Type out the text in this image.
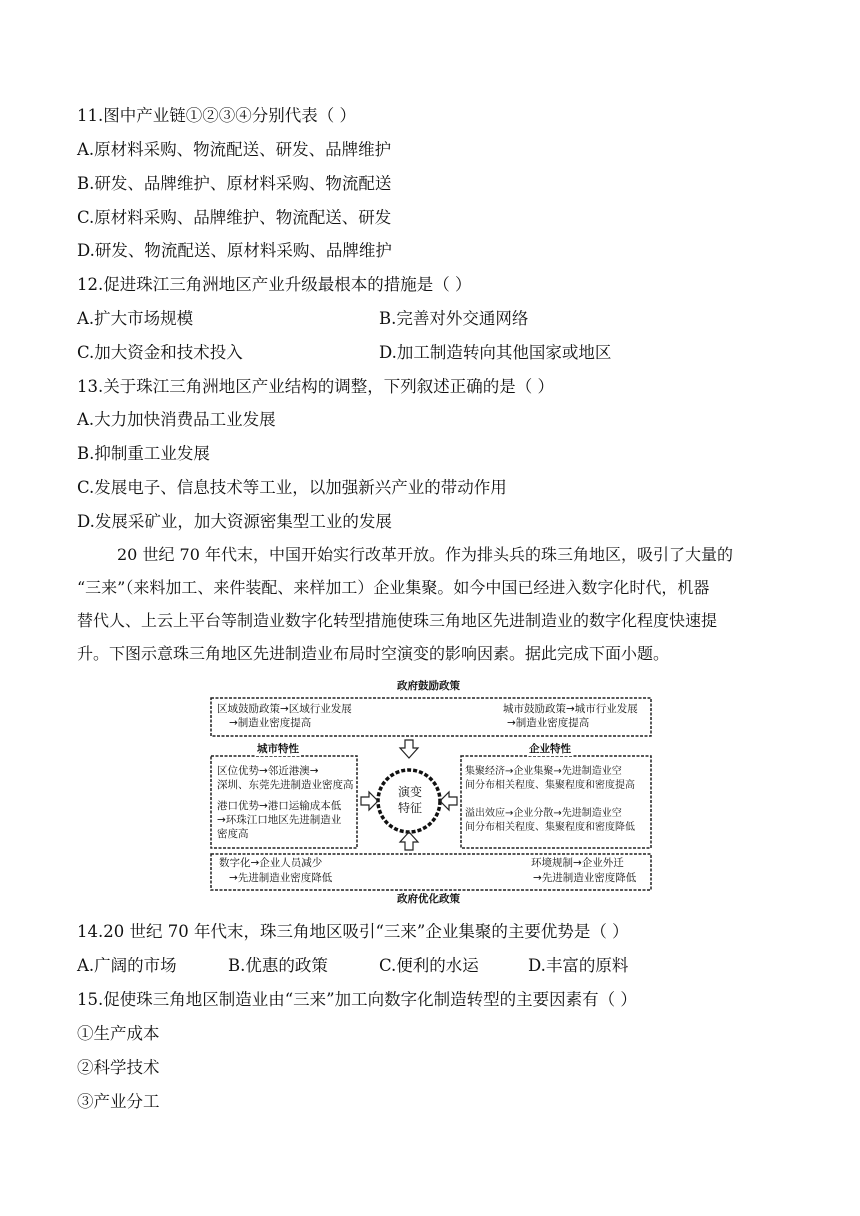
11.图中产业链①②③④分别代表（ ）
A.原材料采购、物流配送、研发、品牌维护
B.研发、品牌维护、原材料采购、物流配送
C.原材料采购、品牌维护、物流配送、研发
D.研发、物流配送、原材料采购、品牌维护
12.促进珠江三角洲地区产业升级最根本的措施是（ ）
A.扩大市场规模	B.完善对外交通网络
C.加大资金和技术投入	D.加工制造转向其他国家或地区
13.关于珠江三角洲地区产业结构的调整，下列叙述正确的是（ ）
A.大力加快消费品工业发展
B.抑制重工业发展
C.发展电子、信息技术等工业，以加强新兴产业的带动作用
D.发展采矿业，加大资源密集型工业的发展
20 世纪 70 年代末，中国开始实行改革开放。作为排头兵的珠三角地区，吸引了大量的
“三来”（来料加工、来件装配、来样加工）企业集聚。如今中国已经进入数字化时代，机器
替代人、上云上平台等制造业数字化转型措施使珠三角地区先进制造业的数字化程度快速提
升。下图示意珠三角地区先进制造业布局时空演变的影响因素。据此完成下面小题。
政府鼓励政策
区域鼓励政策→区域行业发展
→制造业密度提高
城市鼓励政策→城市行业发展
→制造业密度提高
城市特性
区位优势→邻近港澳→
深圳、东莞先进制造业密度高
港口优势→港口运输成本低
→环珠江口地区先进制造业
密度高
企业特性
集聚经济→企业集聚→先进制造业空
间分布相关程度、集聚程度和密度提高
溢出效应→企业分散→先进制造业空
间分布相关程度、集聚程度和密度降低
演变
特征
数字化→企业人员减少
→先进制造业密度降低
环境规制→企业外迁
→先进制造业密度降低
政府优化政策
14.20 世纪 70 年代末，珠三角地区吸引“三来”企业集聚的主要优势是（ ）
A.广阔的市场	B.优惠的政策	C.便利的水运	D.丰富的原料
15.促使珠三角地区制造业由“三来”加工向数字化制造转型的主要因素有（ ）
①生产成本
②科学技术
③产业分工
